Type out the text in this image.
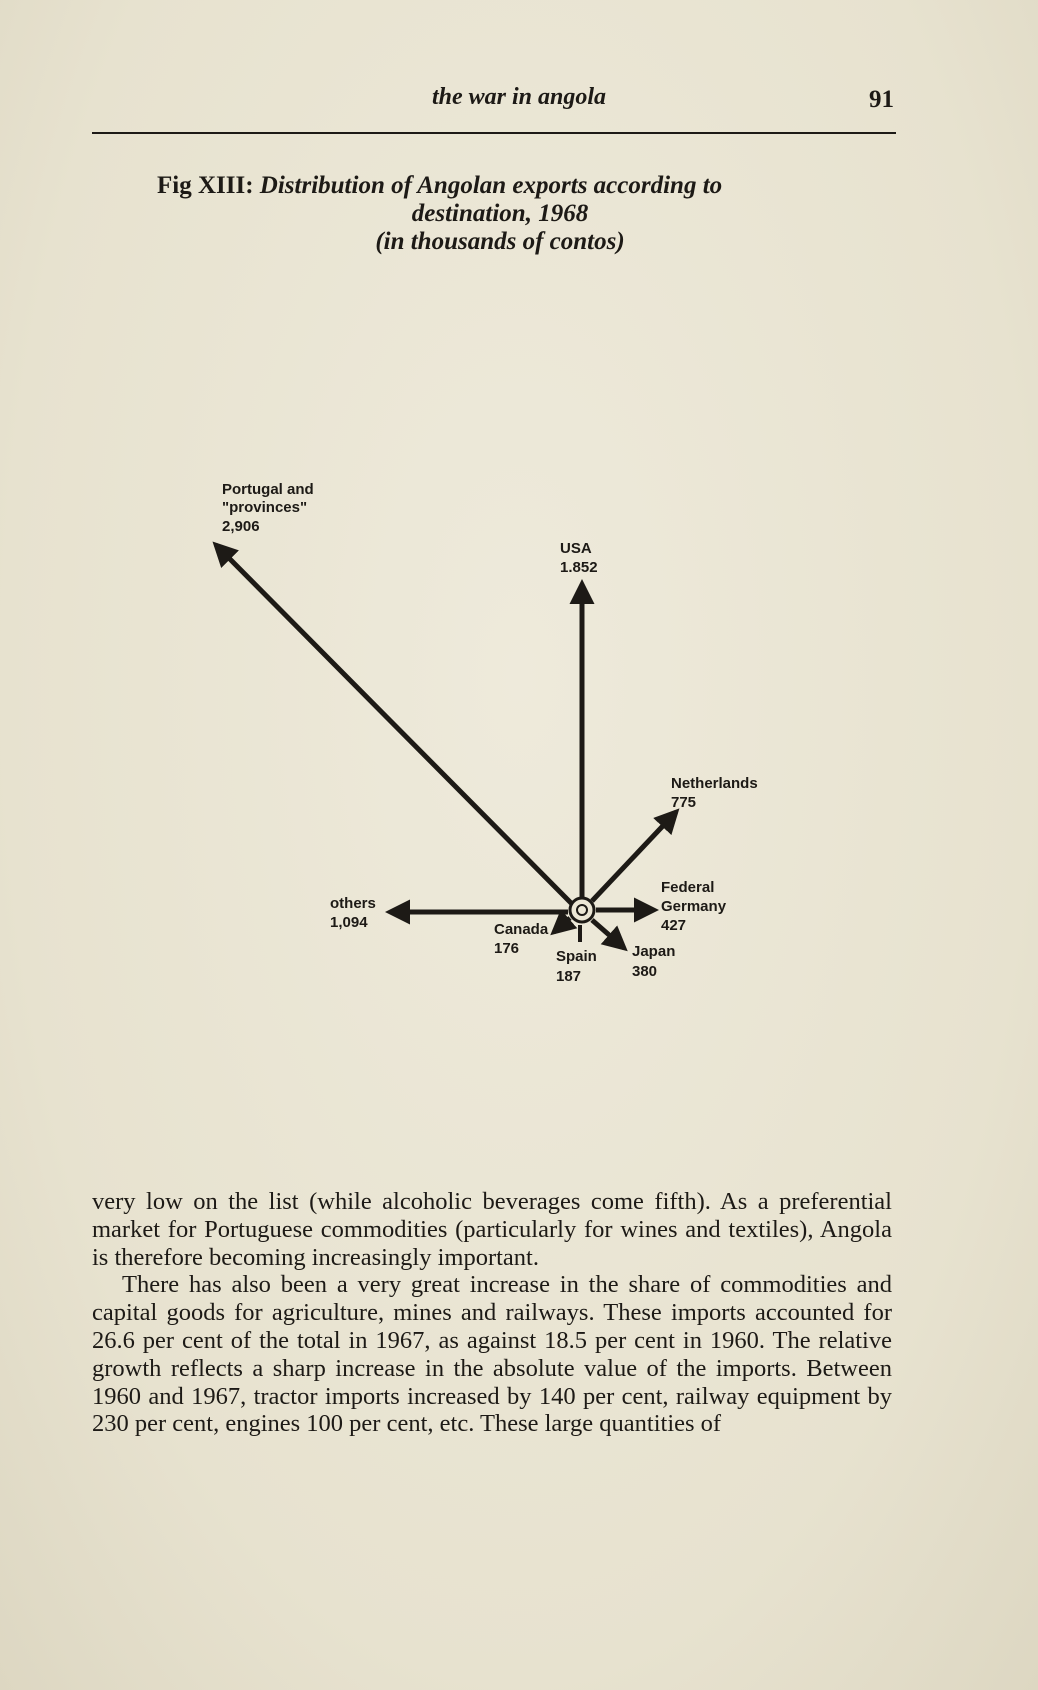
the war in angola	91
Fig XIII: Distribution of Angolan exports according to
destination, 1968
(in thousands of contos)
Portugal and
"provinces"
2,906
USA
1.852
Netherlands
775
Federal
Germany
427
Japan
380
Spain
187
Canada
176
others
1,094

very low on the list (while alcoholic beverages come fifth). As a preferential market for Portuguese commodities (particularly for wines and textiles), Angola is therefore becoming increasingly important.

There has also been a very great increase in the share of commodities and capital goods for agriculture, mines and railways. These imports accounted for 26.6 per cent of the total in 1967, as against 18.5 per cent in 1960. The relative growth reflects a sharp increase in the absolute value of the imports. Between 1960 and 1967, tractor imports increased by 140 per cent, railway equipment by 230 per cent, engines 100 per cent, etc. These large quantities of
